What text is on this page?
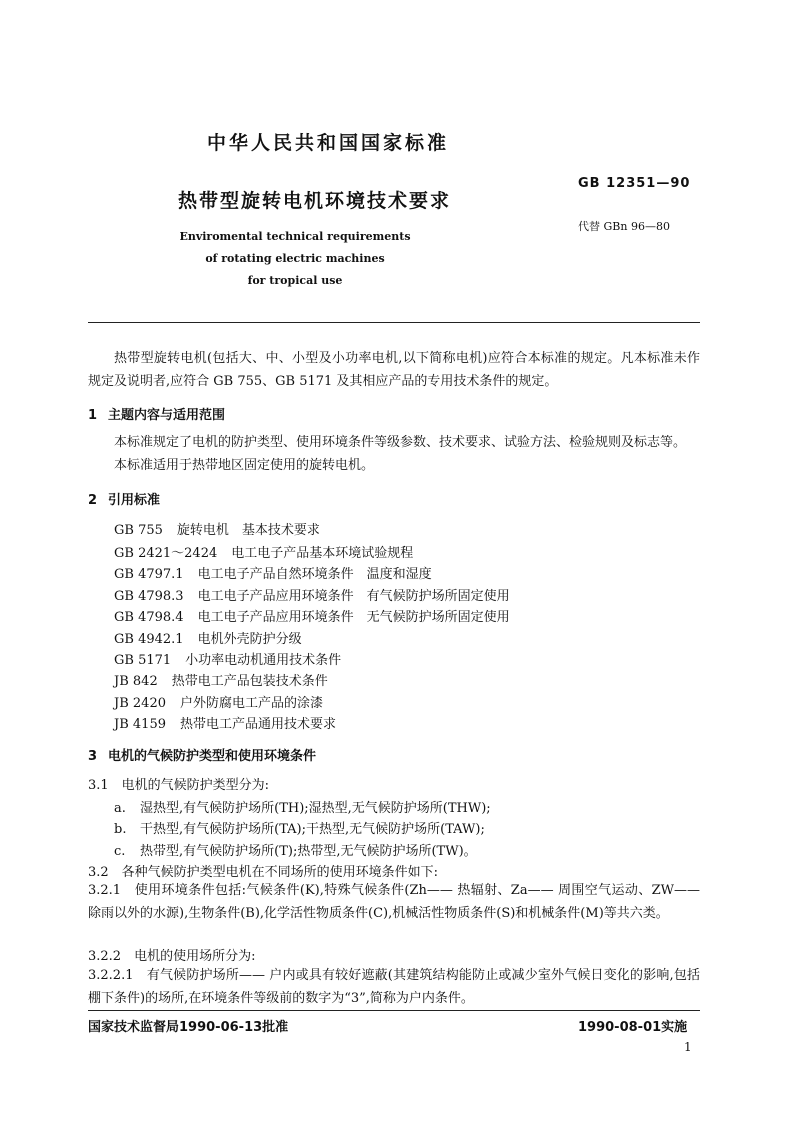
中华人民共和国国家标准
GB 12351—90
热带型旋转电机环境技术要求
代替 GBn 96—80
Enviromental technical requirements
of rotating electric machines
for tropical use
热带型旋转电机(包括大、中、小型及小功率电机,以下简称电机)应符合本标准的规定。凡本标准未作规定及说明者,应符合 GB 755、GB 5171 及其相应产品的专用技术条件的规定。
1 主题内容与适用范围
本标准规定了电机的防护类型、使用环境条件等级参数、技术要求、试验方法、检验规则及标志等。
本标准适用于热带地区固定使用的旋转电机。
2 引用标准
GB 755 旋转电机　基本技术要求
GB 2421～2424 电工电子产品基本环境试验规程
GB 4797.1 电工电子产品自然环境条件　温度和湿度
GB 4798.3 电工电子产品应用环境条件　有气候防护场所固定使用
GB 4798.4 电工电子产品应用环境条件　无气候防护场所固定使用
GB 4942.1 电机外壳防护分级
GB 5171 小功率电动机通用技术条件
JB 842 热带电工产品包装技术条件
JB 2420 户外防腐电工产品的涂漆
JB 4159 热带电工产品通用技术要求
3 电机的气候防护类型和使用环境条件
3.1　电机的气候防护类型分为:
a. 湿热型,有气候防护场所(TH);湿热型,无气候防护场所(THW);
b. 干热型,有气候防护场所(TA);干热型,无气候防护场所(TAW);
c. 热带型,有气候防护场所(T);热带型,无气候防护场所(TW)。
3.2　各种气候防护类型电机在不同场所的使用环境条件如下:
3.2.1　使用环境条件包括:气候条件(K),特殊气候条件(Zh—— 热辐射、Za—— 周围空气运动、ZW—— 除雨以外的水源),生物条件(B),化学活性物质条件(C),机械活性物质条件(S)和机械条件(M)等共六类。
3.2.2　电机的使用场所分为:
3.2.2.1　有气候防护场所—— 户内或具有较好遮蔽(其建筑结构能防止或减少室外气候日变化的影响,包括棚下条件)的场所,在环境条件等级前的数字为“3”,简称为户内条件。
国家技术监督局1990-06-13批准	1990-08-01实施
1
